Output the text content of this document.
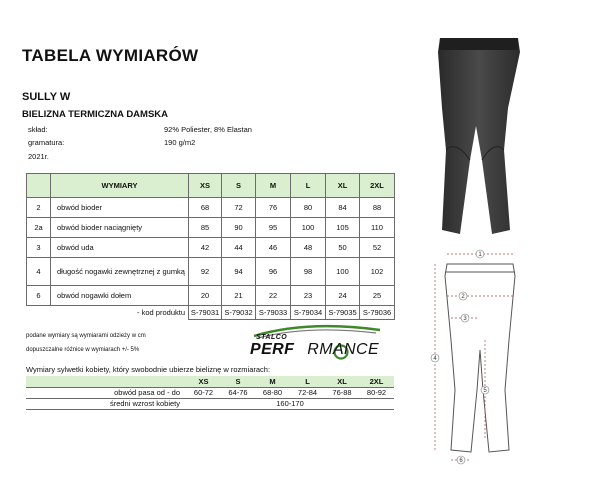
TABELA WYMIARÓW
SULLY W
BIELIZNA TERMICZNA DAMSKA
skład:	92% Poliester, 8% Elastan
gramatura:	190 g/m2
2021r.
	WYMIARY	XS	S	M	L	XL	2XL
2	obwód bioder	68	72	76	80	84	88
2a	obwód bioder naciągnięty	85	90	95	100	105	110
3	obwód uda	42	44	46	48	50	52
4	długość nogawki zewnętrznej z gumką	92	94	96	98	100	102
6	obwód nogawki dołem	20	21	22	23	24	25
- kod produktu		S-79031	S-79032	S-79033	S-79034	S-79035	S-79036
podane wymiary są wymiarami odzieży w cm
dopuszczalne różnice w wymiarach +/- 5%
STALCO
PERF RMANCE
Wymiary sylwetki kobiety, który swobodnie ubierze bieliznę w rozmiarach:
	XS	S	M	L	XL	2XL
obwód pasa od - do	60-72	64-76	68-80	72-84	76-88	80-92
średni wzrost kobiety	160-170					
1
2
3
4
5
6
